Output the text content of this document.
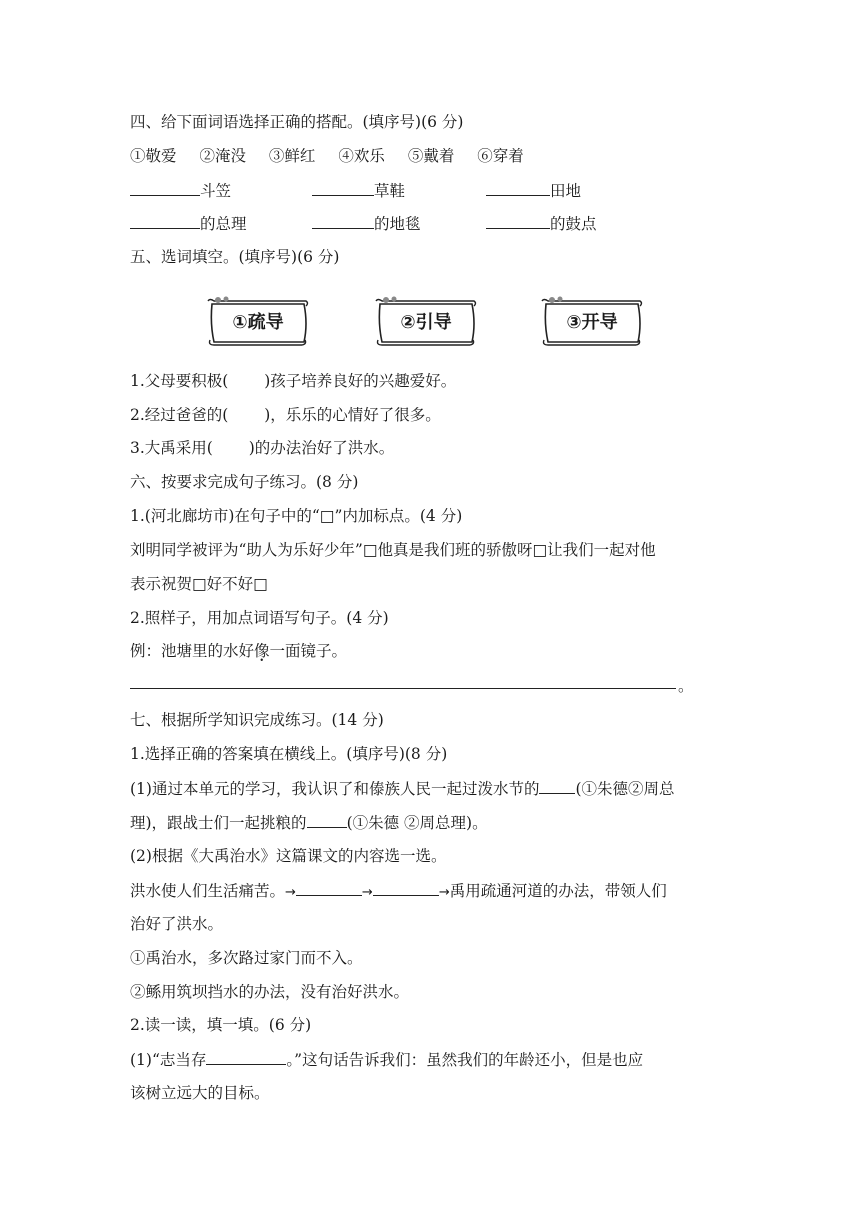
四、给下面词语选择正确的搭配。(填序号)(6 分)
①敬爱 ②淹没 ③鲜红 ④欢乐 ⑤戴着 ⑥穿着
斗笠	草鞋	田地
的总理	的地毯	的鼓点
五、选词填空。(填序号)(6 分)
①疏导	②引导	③开导
1.父母要积极(　　 )孩子培养良好的兴趣爱好。
2.经过爸爸的(　　 )，乐乐的心情好了很多。
3.大禹采用(　　 )的办法治好了洪水。
六、按要求完成句子练习。(8 分)
1.(河北廊坊市)在句子中的“□”内加标点。(4 分)
刘明同学被评为“助人为乐好少年”□他真是我们班的骄傲呀□让我们一起对他
表示祝贺□好不好□
2.照样子，用加点词语写句子。(4 分)
例：池塘里的水好像一面镜子。
。
七、根据所学知识完成练习。(14 分)
1.选择正确的答案填在横线上。(填序号)(8 分)
(1)通过本单元的学习，我认识了和傣族人民一起过泼水节的 (①朱德②周总
理)，跟战士们一起挑粮的	(①朱德 ②周总理)。
(2)根据《大禹治水》这篇课文的内容选一选。
洪水使人们生活痛苦。→	→	→禹用疏通河道的办法，带领人们
治好了洪水。
①禹治水，多次路过家门而不入。
②鲧用筑坝挡水的办法，没有治好洪水。
2.读一读，填一填。(6 分)
(1)“志当存	。”这句话告诉我们：虽然我们的年龄还小，但是也应
该树立远大的目标。
